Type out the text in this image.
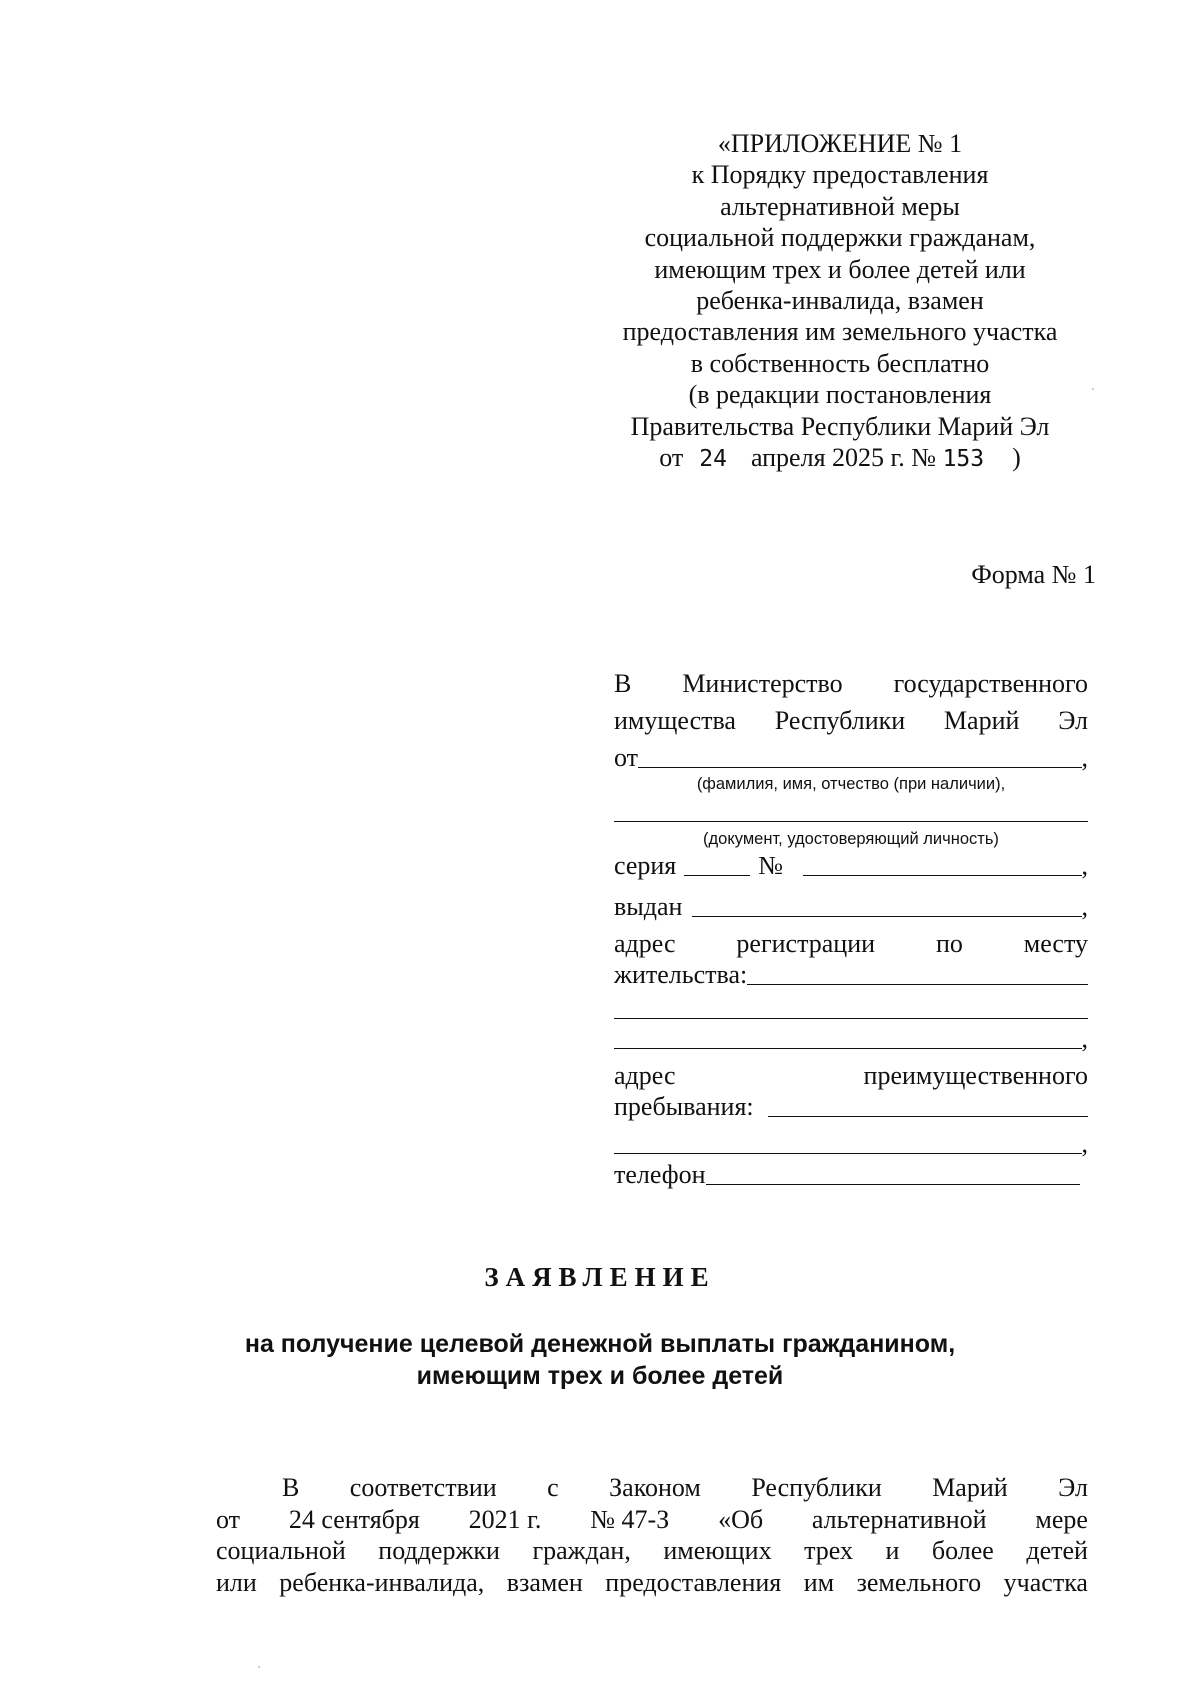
«ПРИЛОЖЕНИЕ № 1
к Порядку предоставления
альтернативной меры
социальной поддержки гражданам,
имеющим трех и более детей или
ребенка-инвалида, взамен
предоставления им земельного участка
в собственность бесплатно
(в редакции постановления
Правительства Республики Марий Эл
от 24 апреля 2025 г. № 153 )
Форма № 1
В Министерство государственного
имущества Республики Марий Эл
от	,
(фамилия, имя, отчество (при наличии),
(документ, удостоверяющий личность)
серия	№	,
выдан	,
адрес регистрации по месту
жительства:
,
адрес	преимущественного
пребывания:
,
телефон
ЗАЯВЛЕНИЕ
на получение целевой денежной выплаты гражданином,
имеющим трех и более детей
В соответствии с Законом Республики Марий Эл
от 24 сентября 2021 г. № 47-З «Об альтернативной мере
социальной поддержки граждан, имеющих трех и более детей
или ребенка-инвалида, взамен предоставления им земельного участка
